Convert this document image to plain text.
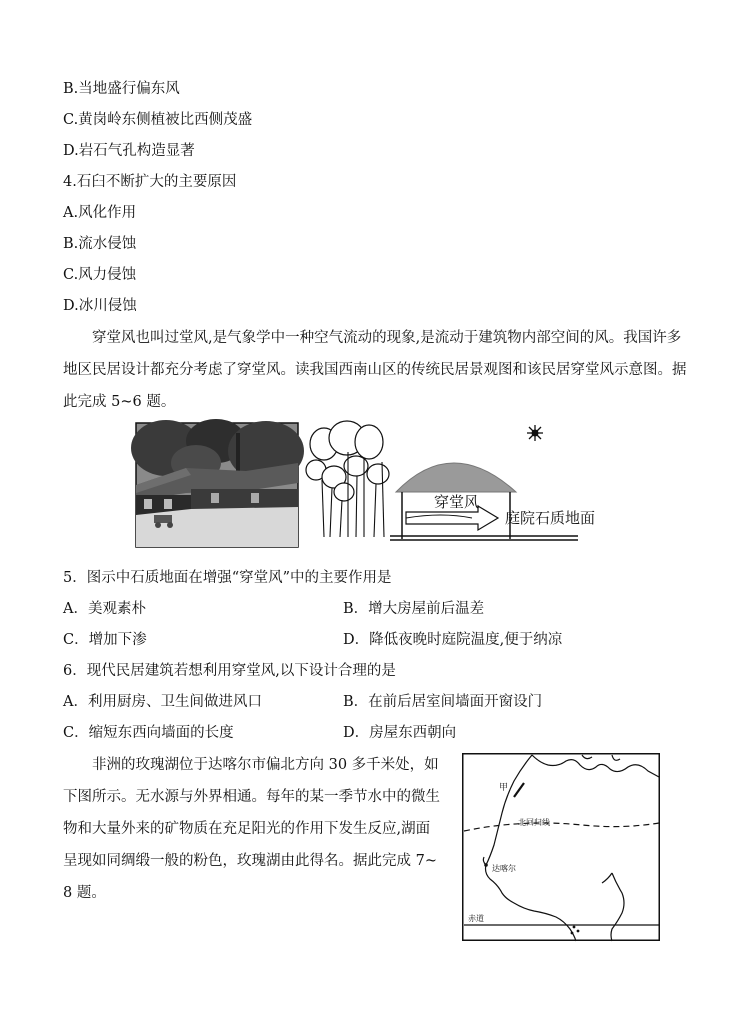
B.当地盛行偏东风
C.黄岗岭东侧植被比西侧茂盛
D.岩石气孔构造显著
4.石臼不断扩大的主要原因
A.风化作用
B.流水侵蚀
C.风力侵蚀
D.冰川侵蚀
穿堂风也叫过堂风,是气象学中一种空气流动的现象,是流动于建筑物内部空间的风。我国许多
地区民居设计都充分考虑了穿堂风。读我国西南山区的传统民居景观图和该民居穿堂风示意图。据
此完成 5~6 题。
穿堂风
庭院石质地面
5．图示中石质地面在增强“穿堂风”中的主要作用是
A．美观素朴	B．增大房屋前后温差
C．增加下渗	D．降低夜晚时庭院温度,便于纳凉
6．现代民居建筑若想利用穿堂风,以下设计合理的是
A．利用厨房、卫生间做进风口	B．在前后居室间墙面开窗设门
C．缩短东西向墙面的长度	D．房屋东西朝向
非洲的玫瑰湖位于达喀尔市偏北方向 30 多千米处，如
下图所示。无水源与外界相通。每年的某一季节水中的微生
物和大量外来的矿物质在充足阳光的作用下发生反应,湖面
呈现如同绸缎一般的粉色，玫瑰湖由此得名。据此完成 7~
8 题。
甲
北回归线
达喀尔
赤道
